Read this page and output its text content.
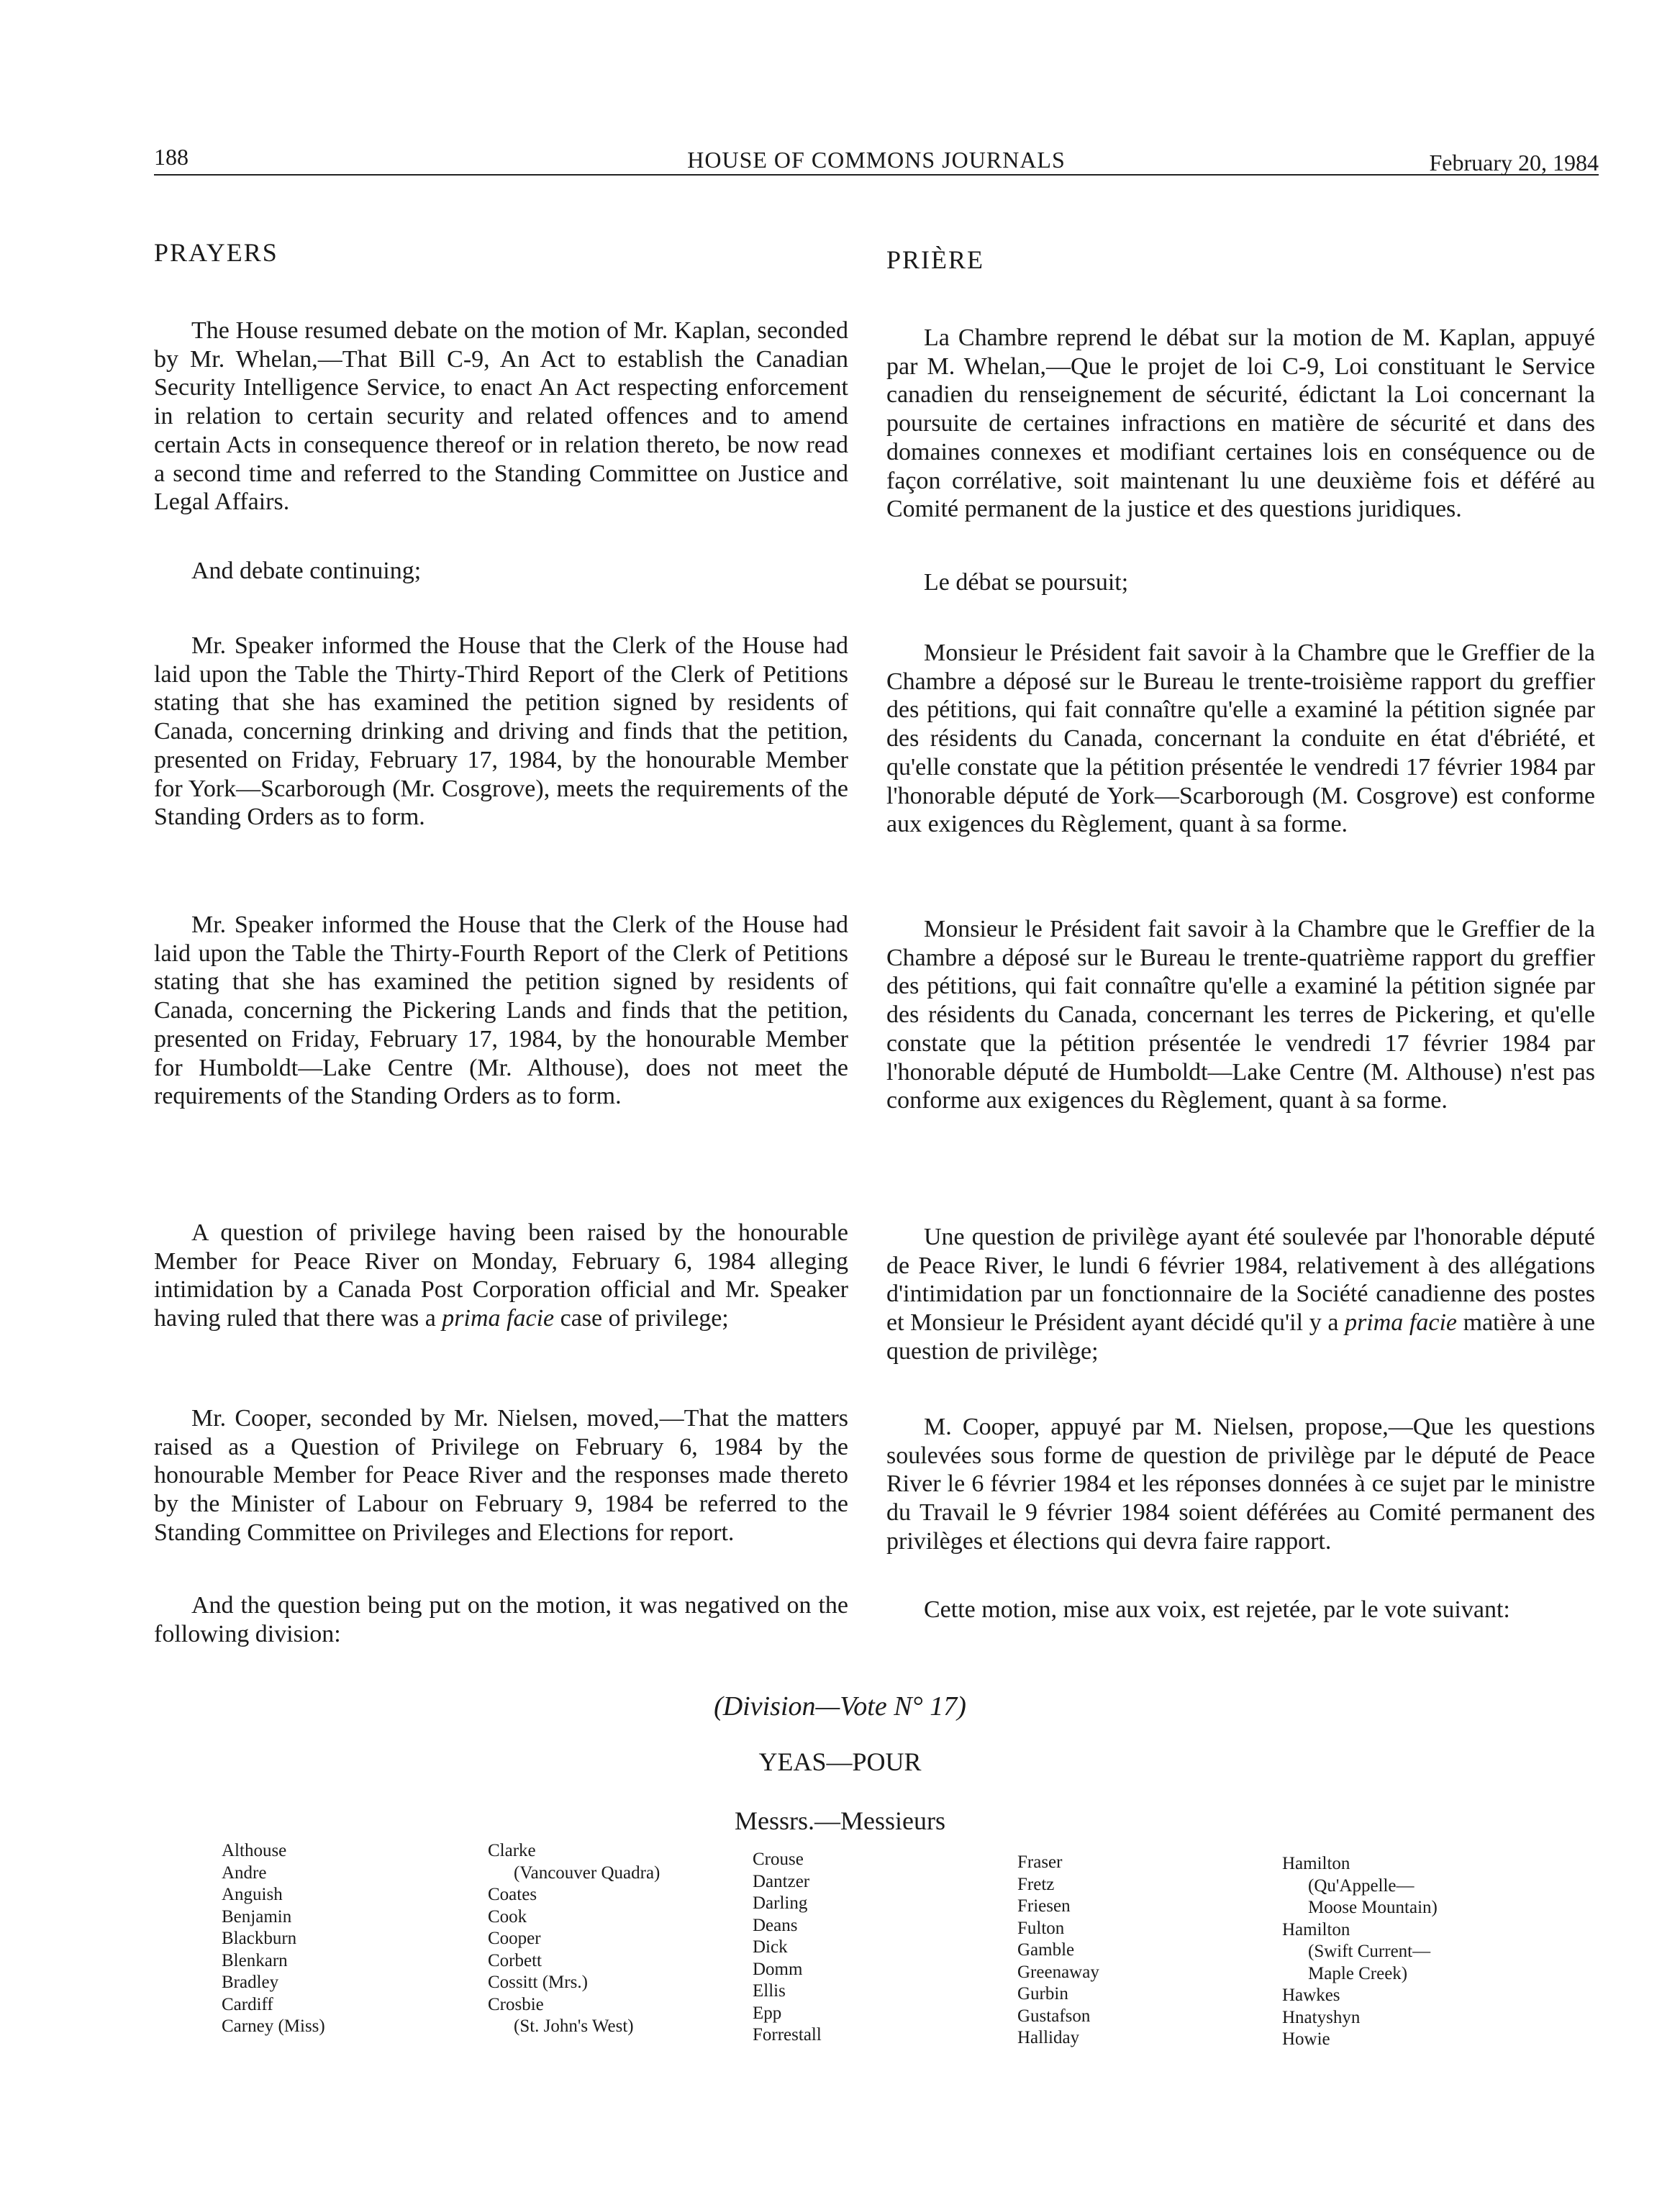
188	HOUSE OF COMMONS JOURNALS	February 20, 1984
PRAYERS

The House resumed debate on the motion of Mr. Kaplan, seconded by Mr. Whelan,—That Bill C-9, An Act to establish the Canadian Security Intelligence Service, to enact An Act respecting enforcement in relation to certain security and related offences and to amend certain Acts in consequence thereof or in relation thereto, be now read a second time and referred to the Standing Committee on Justice and Legal Affairs.

And debate continuing;

Mr. Speaker informed the House that the Clerk of the House had laid upon the Table the Thirty-Third Report of the Clerk of Petitions stating that she has examined the petition signed by residents of Canada, concerning drinking and driving and finds that the petition, presented on Friday, February 17, 1984, by the honourable Member for York—Scarborough (Mr. Cosgrove), meets the requirements of the Standing Orders as to form.

Mr. Speaker informed the House that the Clerk of the House had laid upon the Table the Thirty-Fourth Report of the Clerk of Petitions stating that she has examined the petition signed by residents of Canada, concerning the Pickering Lands and finds that the petition, presented on Friday, February 17, 1984, by the honourable Member for Humboldt—Lake Centre (Mr. Althouse), does not meet the requirements of the Standing Orders as to form.

A question of privilege having been raised by the honourable Member for Peace River on Monday, February 6, 1984 alleging intimidation by a Canada Post Corporation official and Mr. Speaker having ruled that there was a prima facie case of privilege;

Mr. Cooper, seconded by Mr. Nielsen, moved,—That the matters raised as a Question of Privilege on February 6, 1984 by the honourable Member for Peace River and the responses made thereto by the Minister of Labour on February 9, 1984 be referred to the Standing Committee on Privileges and Elections for report.

And the question being put on the motion, it was negatived on the following division:

PRIÈRE

La Chambre reprend le débat sur la motion de M. Kaplan, appuyé par M. Whelan,—Que le projet de loi C-9, Loi constituant le Service canadien du renseignement de sécurité, édictant la Loi concernant la poursuite de certaines infractions en matière de sécurité et dans des domaines connexes et modifiant certaines lois en conséquence ou de façon corrélative, soit maintenant lu une deuxième fois et déféré au Comité permanent de la justice et des questions juridiques.

Le débat se poursuit;

Monsieur le Président fait savoir à la Chambre que le Greffier de la Chambre a déposé sur le Bureau le trente-troisième rapport du greffier des pétitions, qui fait connaître qu'elle a examiné la pétition signée par des résidents du Canada, concernant la conduite en état d'ébriété, et qu'elle constate que la pétition présentée le vendredi 17 février 1984 par l'honorable député de York—Scarborough (M. Cosgrove) est conforme aux exigences du Règlement, quant à sa forme.

Monsieur le Président fait savoir à la Chambre que le Greffier de la Chambre a déposé sur le Bureau le trente-quatrième rapport du greffier des pétitions, qui fait connaître qu'elle a examiné la pétition signée par des résidents du Canada, concernant les terres de Pickering, et qu'elle constate que la pétition présentée le vendredi 17 février 1984 par l'honorable député de Humboldt—Lake Centre (M. Althouse) n'est pas conforme aux exigences du Règlement, quant à sa forme.

Une question de privilège ayant été soulevée par l'honorable député de Peace River, le lundi 6 février 1984, relativement à des allégations d'intimidation par un fonctionnaire de la Société canadienne des postes et Monsieur le Président ayant décidé qu'il y a prima facie matière à une question de privilège;

M. Cooper, appuyé par M. Nielsen, propose,—Que les questions soulevées sous forme de question de privilège par le député de Peace River le 6 février 1984 et les réponses données à ce sujet par le ministre du Travail le 9 février 1984 soient déférées au Comité permanent des privilèges et élections qui devra faire rapport.

Cette motion, mise aux voix, est rejetée, par le vote suivant:

(Division—Vote N° 17)
YEAS—POUR
Messrs.—Messieurs
Althouse
Andre
Anguish
Benjamin
Blackburn
Blenkarn
Bradley
Cardiff
Carney (Miss)
Clarke
(Vancouver Quadra)
Coates
Cook
Cooper
Corbett
Cossitt (Mrs.)
Crosbie
(St. John's West)
Crouse
Dantzer
Darling
Deans
Dick
Domm
Ellis
Epp
Forrestall
Fraser
Fretz
Friesen
Fulton
Gamble
Greenaway
Gurbin
Gustafson
Halliday
Hamilton
(Qu'Appelle—
Moose Mountain)
Hamilton
(Swift Current—
Maple Creek)
Hawkes
Hnatyshyn
Howie
